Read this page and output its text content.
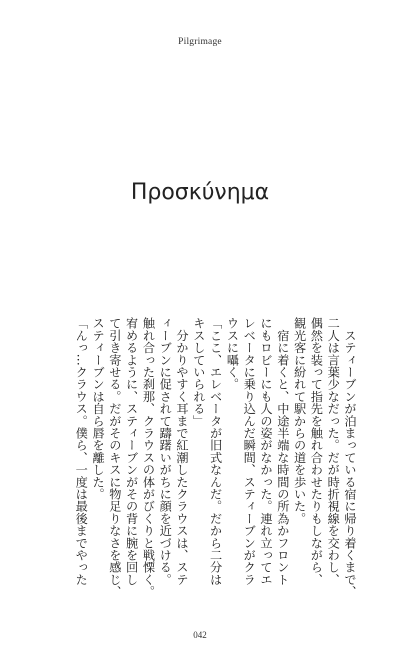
Pilgrimage
Προσκύνημα
　スティーブンが泊まっている宿に帰り着くまで、
二人は言葉少なだった。だが時折視線を交わし、
偶然を装って指先を触れ合わせたりもしながら、
観光客に紛れて駅からの道を歩いた。
　宿に着くと、中途半端な時間の所為かフロント
にもロビーにも人の姿がなかった。連れ立ってエ
レベータに乗り込んだ瞬間、スティーブンがクラ
ウスに囁く。
「ここ、エレベータが旧式なんだ。だから二分は
キスしていられる」
　分かりやすく耳まで紅潮したクラウスは、ステ
ィーブンに促されて躊躇いがちに顔を近づける。
触れ合った刹那、クラウスの体がびくりと戦慄く。
宥めるように、スティーブンがその背に腕を回し
て引き寄せる。だがそのキスに物足りなさを感じ、
スティーブンは自ら唇を離した。
「んっ…クラウス。僕ら、一度は最後までやった
042
